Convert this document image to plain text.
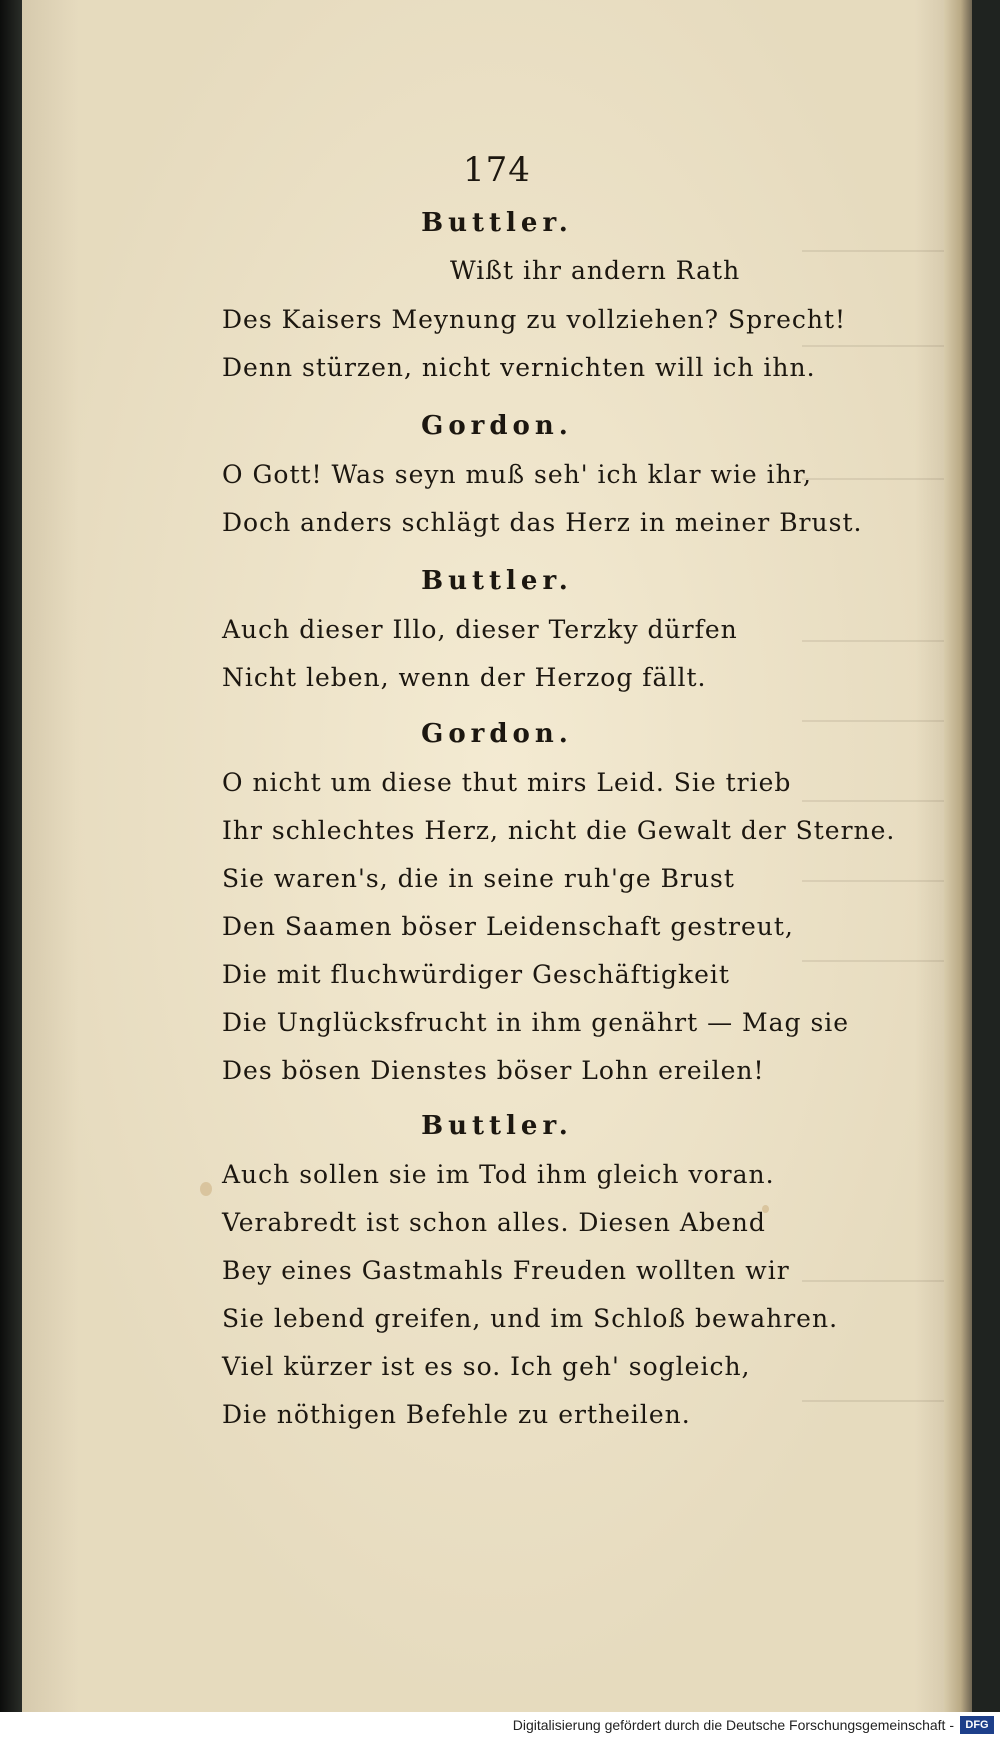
174
Buttler.
Wißt ihr andern Rath
Des Kaisers Meynung zu vollziehen? Sprecht!
Denn stürzen, nicht vernichten will ich ihn.
Gordon.
O Gott! Was seyn muß seh' ich klar wie ihr,
Doch anders schlägt das Herz in meiner Brust.
Buttler.
Auch dieser Illo, dieser Terzky dürfen
Nicht leben, wenn der Herzog fällt.
Gordon.
O nicht um diese thut mirs Leid. Sie trieb
Ihr schlechtes Herz, nicht die Gewalt der Sterne.
Sie waren's, die in seine ruh'ge Brust
Den Saamen böser Leidenschaft gestreut,
Die mit fluchwürdiger Geschäftigkeit
Die Unglücksfrucht in ihm genährt — Mag sie
Des bösen Dienstes böser Lohn ereilen!
Buttler.
Auch sollen sie im Tod ihm gleich voran.
Verabredt ist schon alles. Diesen Abend
Bey eines Gastmahls Freuden wollten wir
Sie lebend greifen, und im Schloß bewahren.
Viel kürzer ist es so. Ich geh' sogleich,
Die nöthigen Befehle zu ertheilen.
Digitalisierung gefördert durch die Deutsche Forschungsgemeinschaft -	DFG
